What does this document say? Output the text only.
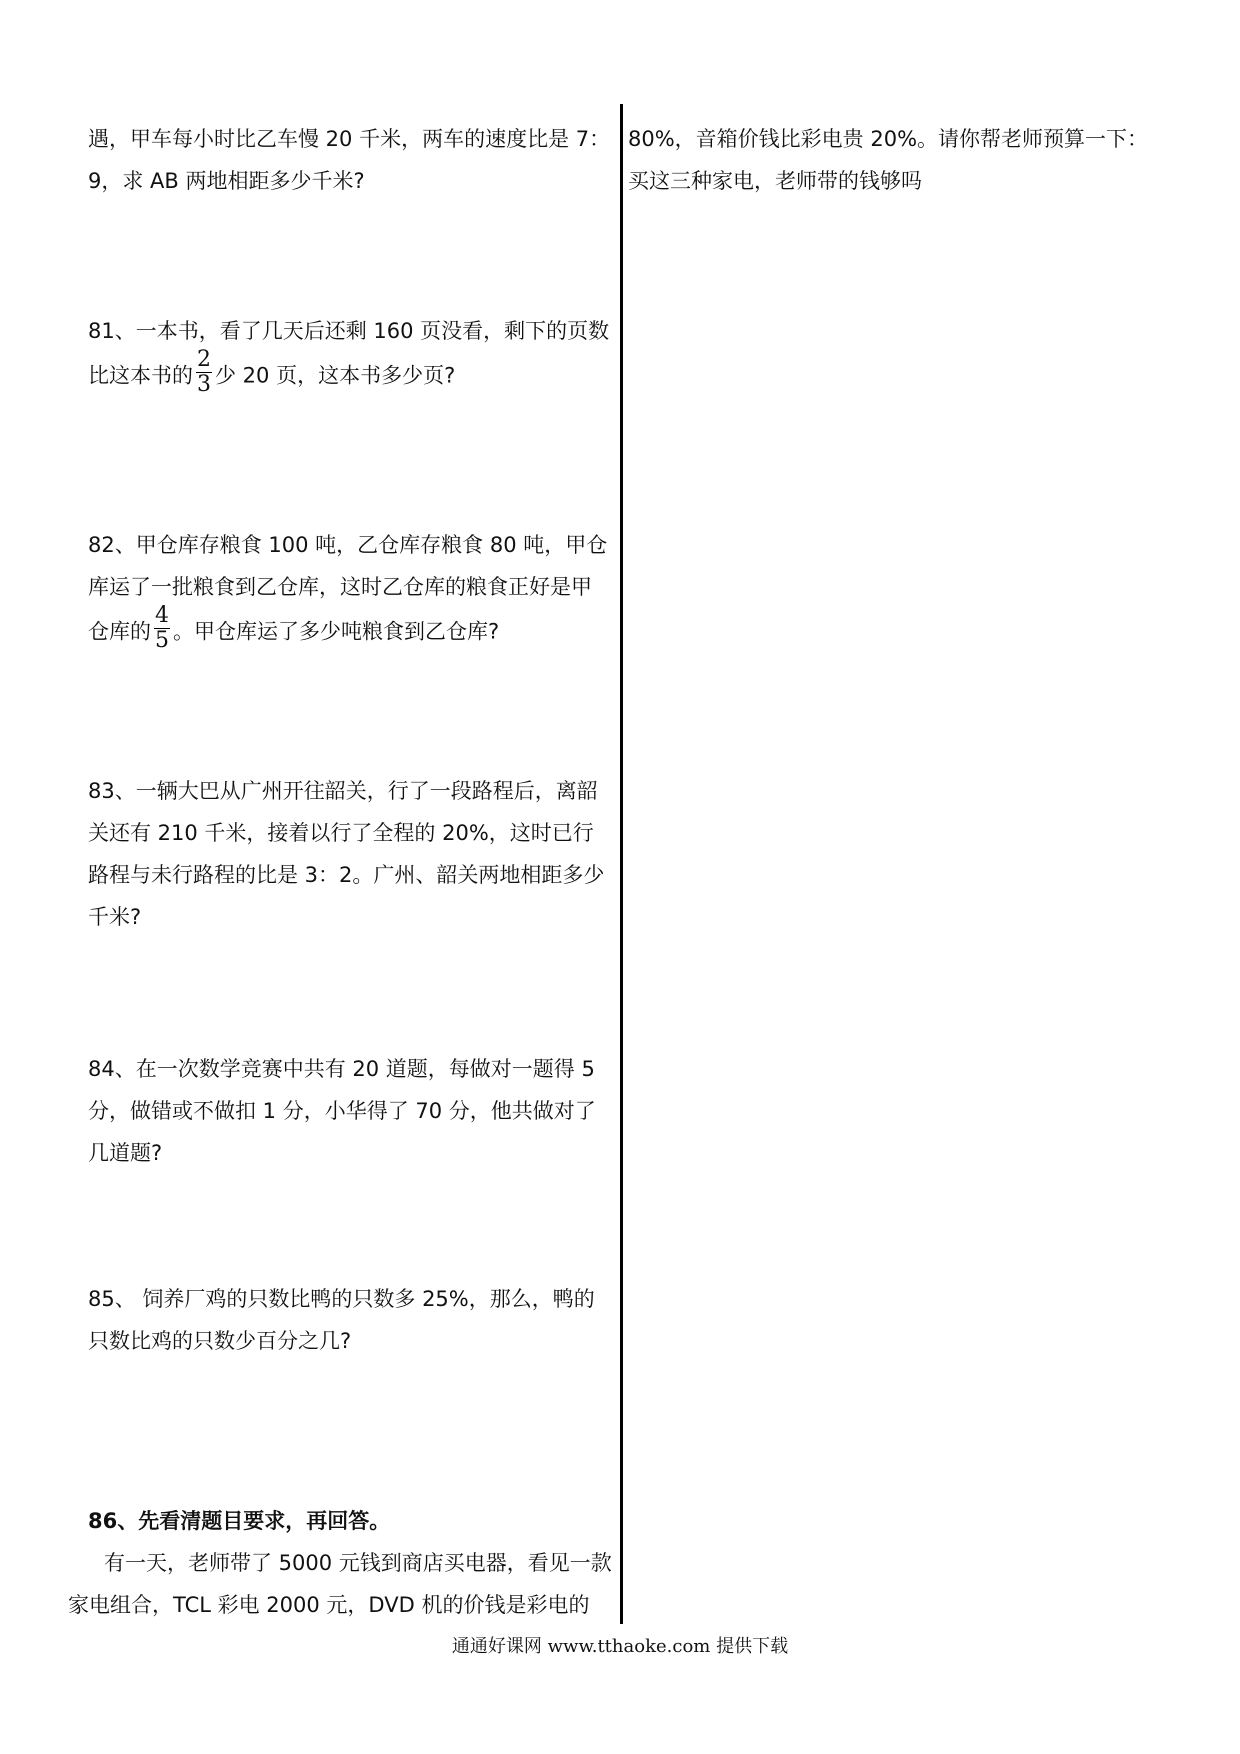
遇，甲车每小时比乙车慢 20 千米，两车的速度比是 7：
9，求 AB 两地相距多少千米?
81、一本书，看了几天后还剩 160 页没看，剩下的页数
比这本书的 $\frac{2}{3}$ 少 20 页，这本书多少页?
82、甲仓库存粮食 100 吨，乙仓库存粮食 80 吨，甲仓
库运了一批粮食到乙仓库，这时乙仓库的粮食正好是甲
仓库的 $\frac{4}{5}$ 。甲仓库运了多少吨粮食到乙仓库?
83、一辆大巴从广州开往韶关，行了一段路程后，离韶
关还有 210 千米，接着以行了全程的 20%，这时已行
路程与未行路程的比是 3：2。广州、韶关两地相距多少
千米?
84、在一次数学竞赛中共有 20 道题，每做对一题得 5
分，做错或不做扣 1 分，小华得了 70 分，他共做对了
几道题?
85、 饲养厂鸡的只数比鸭的只数多 25%，那么，鸭的
只数比鸡的只数少百分之几?
86、先看清题目要求，再回答。
有一天，老师带了 5000 元钱到商店买电器，看见一款
家电组合，TCL 彩电 2000 元，DVD 机的价钱是彩电的
80%，音箱价钱比彩电贵 20%。请你帮老师预算一下：
买这三种家电，老师带的钱够吗
通通好课网 www.tthaoke.com 提供下载
